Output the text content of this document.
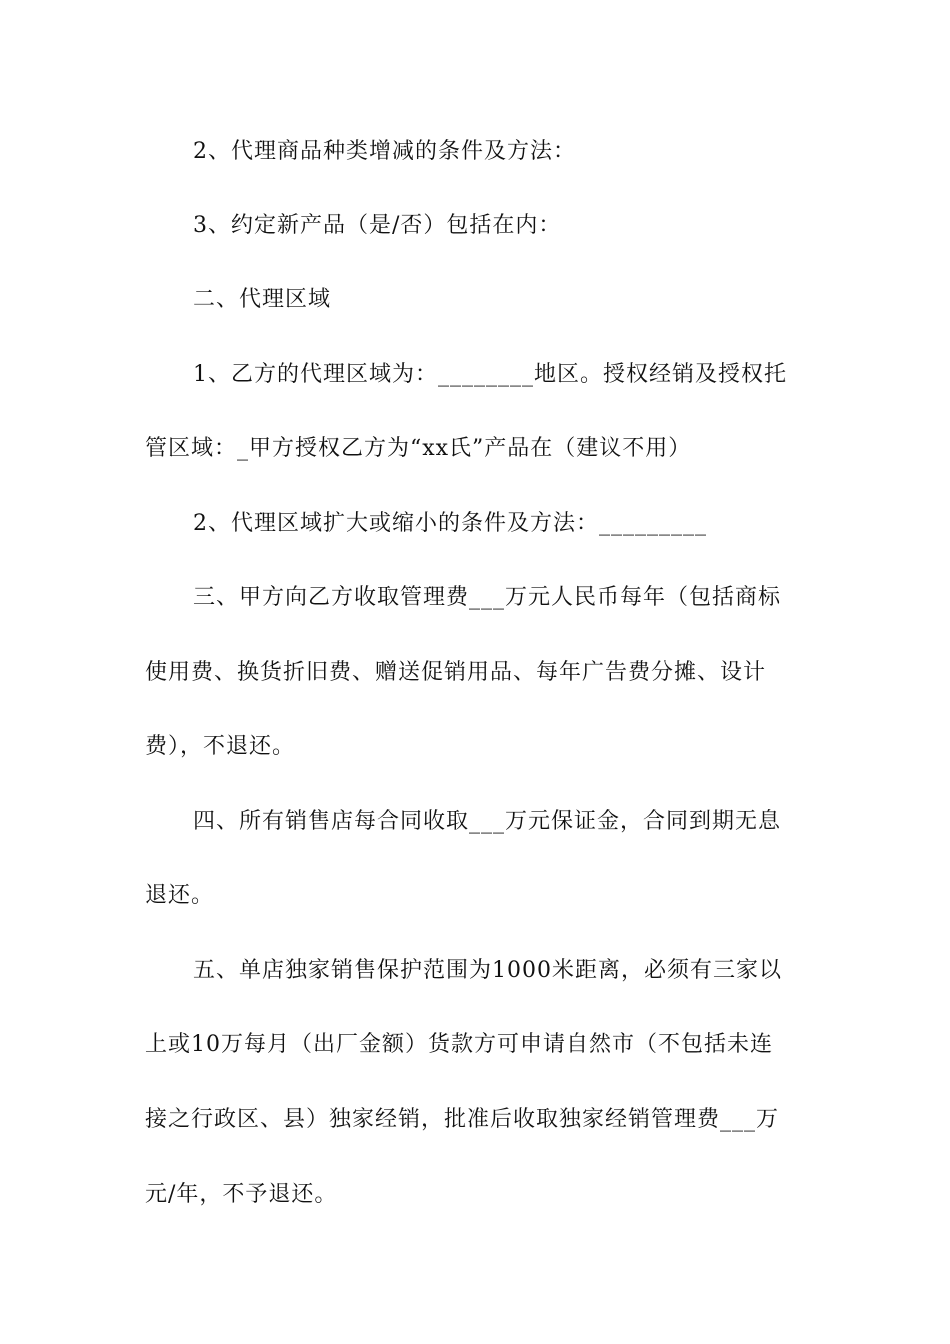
2、代理商品种类增减的条件及方法：
3、约定新产品（是/否）包括在内：
二、代理区域
1、乙方的代理区域为：________地区。授权经销及授权托
管区域：_甲方授权乙方为“xx氏”产品在（建议不用）
2、代理区域扩大或缩小的条件及方法：_________
三、甲方向乙方收取管理费___万元人民币每年（包括商标
使用费、换货折旧费、赠送促销用品、每年广告费分摊、设计
费），不退还。
四、所有销售店每合同收取___万元保证金，合同到期无息
退还。
五、单店独家销售保护范围为1000米距离，必须有三家以
上或10万每月（出厂金额）货款方可申请自然市（不包括未连
接之行政区、县）独家经销，批准后收取独家经销管理费___万
元/年，不予退还。
